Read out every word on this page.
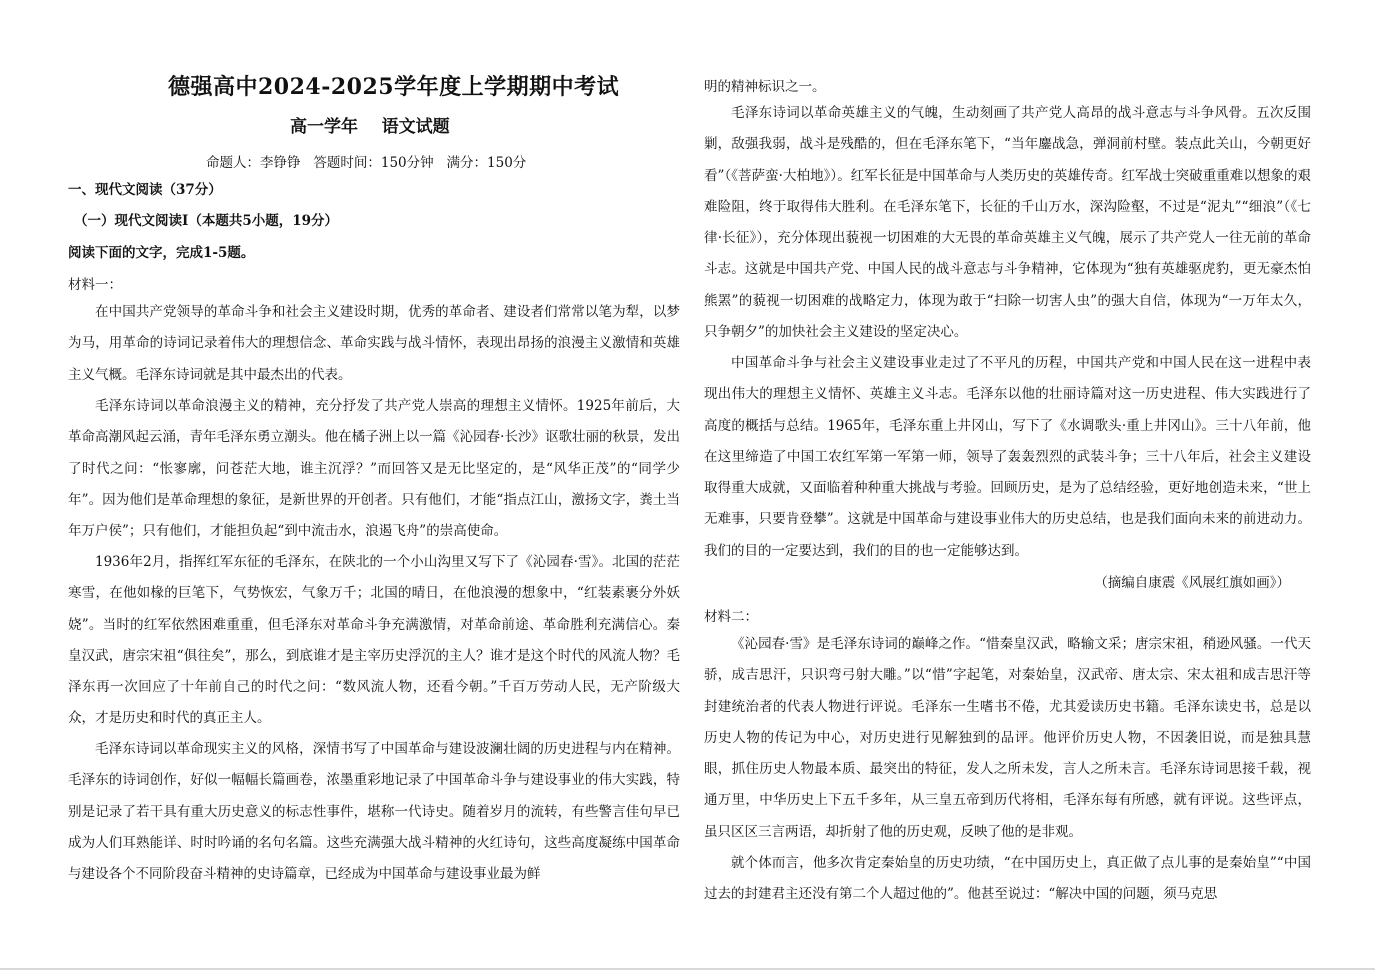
德强高中2024-2025学年度上学期期中考试
高一学年    语文试题
命题人：李铮铮   答题时间：150分钟   满分：150分
一、现代文阅读（37分）
（一）现代文阅读Ⅰ（本题共5小题，19分）
阅读下面的文字，完成1-5题。
材料一：
在中国共产党领导的革命斗争和社会主义建设时期，优秀的革命者、建设者们常常以笔为犁，以梦为马，用革命的诗词记录着伟大的理想信念、革命实践与战斗情怀，表现出昂扬的浪漫主义激情和英雄主义气概。毛泽东诗词就是其中最杰出的代表。
毛泽东诗词以革命浪漫主义的精神，充分抒发了共产党人崇高的理想主义情怀。1925年前后，大革命高潮风起云涌，青年毛泽东勇立潮头。他在橘子洲上以一篇《沁园春·长沙》讴歌壮丽的秋景，发出了时代之问：“怅寥廓，问苍茫大地，谁主沉浮？”而回答又是无比坚定的，是“风华正茂”的“同学少年”。因为他们是革命理想的象征，是新世界的开创者。只有他们，才能“指点江山，激扬文字，粪土当年万户侯”；只有他们，才能担负起“到中流击水，浪遏飞舟”的崇高使命。
1936年2月，指挥红军东征的毛泽东，在陕北的一个小山沟里又写下了《沁园春·雪》。北国的茫茫寒雪，在他如椽的巨笔下，气势恢宏，气象万千；北国的晴日，在他浪漫的想象中，“红装素裹分外妖娆”。当时的红军依然困难重重，但毛泽东对革命斗争充满激情，对革命前途、革命胜利充满信心。秦皇汉武，唐宗宋祖“俱往矣”，那么，到底谁才是主宰历史浮沉的主人？谁才是这个时代的风流人物？毛泽东再一次回应了十年前自己的时代之问：“数风流人物，还看今朝。”千百万劳动人民，无产阶级大众，才是历史和时代的真正主人。
毛泽东诗词以革命现实主义的风格，深情书写了中国革命与建设波澜壮阔的历史进程与内在精神。毛泽东的诗词创作，好似一幅幅长篇画卷，浓墨重彩地记录了中国革命斗争与建设事业的伟大实践，特别是记录了若干具有重大历史意义的标志性事件，堪称一代诗史。随着岁月的流转，有些警言佳句早已成为人们耳熟能详、时时吟诵的名句名篇。这些充满强大战斗精神的火红诗句，这些高度凝练中国革命与建设各个不同阶段奋斗精神的史诗篇章，已经成为中国革命与建设事业最为鲜
明的精神标识之一。
毛泽东诗词以革命英雄主义的气魄，生动刻画了共产党人高昂的战斗意志与斗争风骨。五次反围剿，敌强我弱，战斗是残酷的，但在毛泽东笔下，“当年鏖战急，弹洞前村壁。装点此关山，今朝更好看”（《菩萨蛮·大柏地》）。红军长征是中国革命与人类历史的英雄传奇。红军战士突破重重难以想象的艰难险阻，终于取得伟大胜利。在毛泽东笔下，长征的千山万水，深沟险壑，不过是“泥丸”“细浪”（《七律·长征》），充分体现出藐视一切困难的大无畏的革命英雄主义气魄，展示了共产党人一往无前的革命斗志。这就是中国共产党、中国人民的战斗意志与斗争精神，它体现为“独有英雄驱虎豹，更无豪杰怕熊罴”的藐视一切困难的战略定力，体现为敢于“扫除一切害人虫”的强大自信，体现为“一万年太久，只争朝夕”的加快社会主义建设的坚定决心。
中国革命斗争与社会主义建设事业走过了不平凡的历程，中国共产党和中国人民在这一进程中表现出伟大的理想主义情怀、英雄主义斗志。毛泽东以他的壮丽诗篇对这一历史进程、伟大实践进行了高度的概括与总结。1965年，毛泽东重上井冈山，写下了《水调歌头·重上井冈山》。三十八年前，他在这里缔造了中国工农红军第一军第一师，领导了轰轰烈烈的武装斗争；三十八年后，社会主义建设取得重大成就，又面临着种种重大挑战与考验。回顾历史，是为了总结经验，更好地创造未来，“世上无难事，只要肯登攀”。这就是中国革命与建设事业伟大的历史总结，也是我们面向未来的前进动力。我们的目的一定要达到，我们的目的也一定能够达到。
（摘编自康震《风展红旗如画》）
材料二：
《沁园春·雪》是毛泽东诗词的巅峰之作。“惜秦皇汉武，略输文采；唐宗宋祖，稍逊风骚。一代天骄，成吉思汗，只识弯弓射大雕。”以“惜”字起笔，对秦始皇，汉武帝、唐太宗、宋太祖和成吉思汗等封建统治者的代表人物进行评说。毛泽东一生嗜书不倦，尤其爱读历史书籍。毛泽东读史书，总是以历史人物的传记为中心，对历史进行见解独到的品评。他评价历史人物，不因袭旧说，而是独具慧眼，抓住历史人物最本质、最突出的特征，发人之所未发，言人之所未言。毛泽东诗词思接千载，视通万里，中华历史上下五千多年，从三皇五帝到历代将相，毛泽东每有所感，就有评说。这些评点，虽只区区三言两语，却折射了他的历史观，反映了他的是非观。
就个体而言，他多次肯定秦始皇的历史功绩，“在中国历史上，真正做了点儿事的是秦始皇”“中国过去的封建君主还没有第二个人超过他的”。他甚至说过：“解决中国的问题，须马克思
